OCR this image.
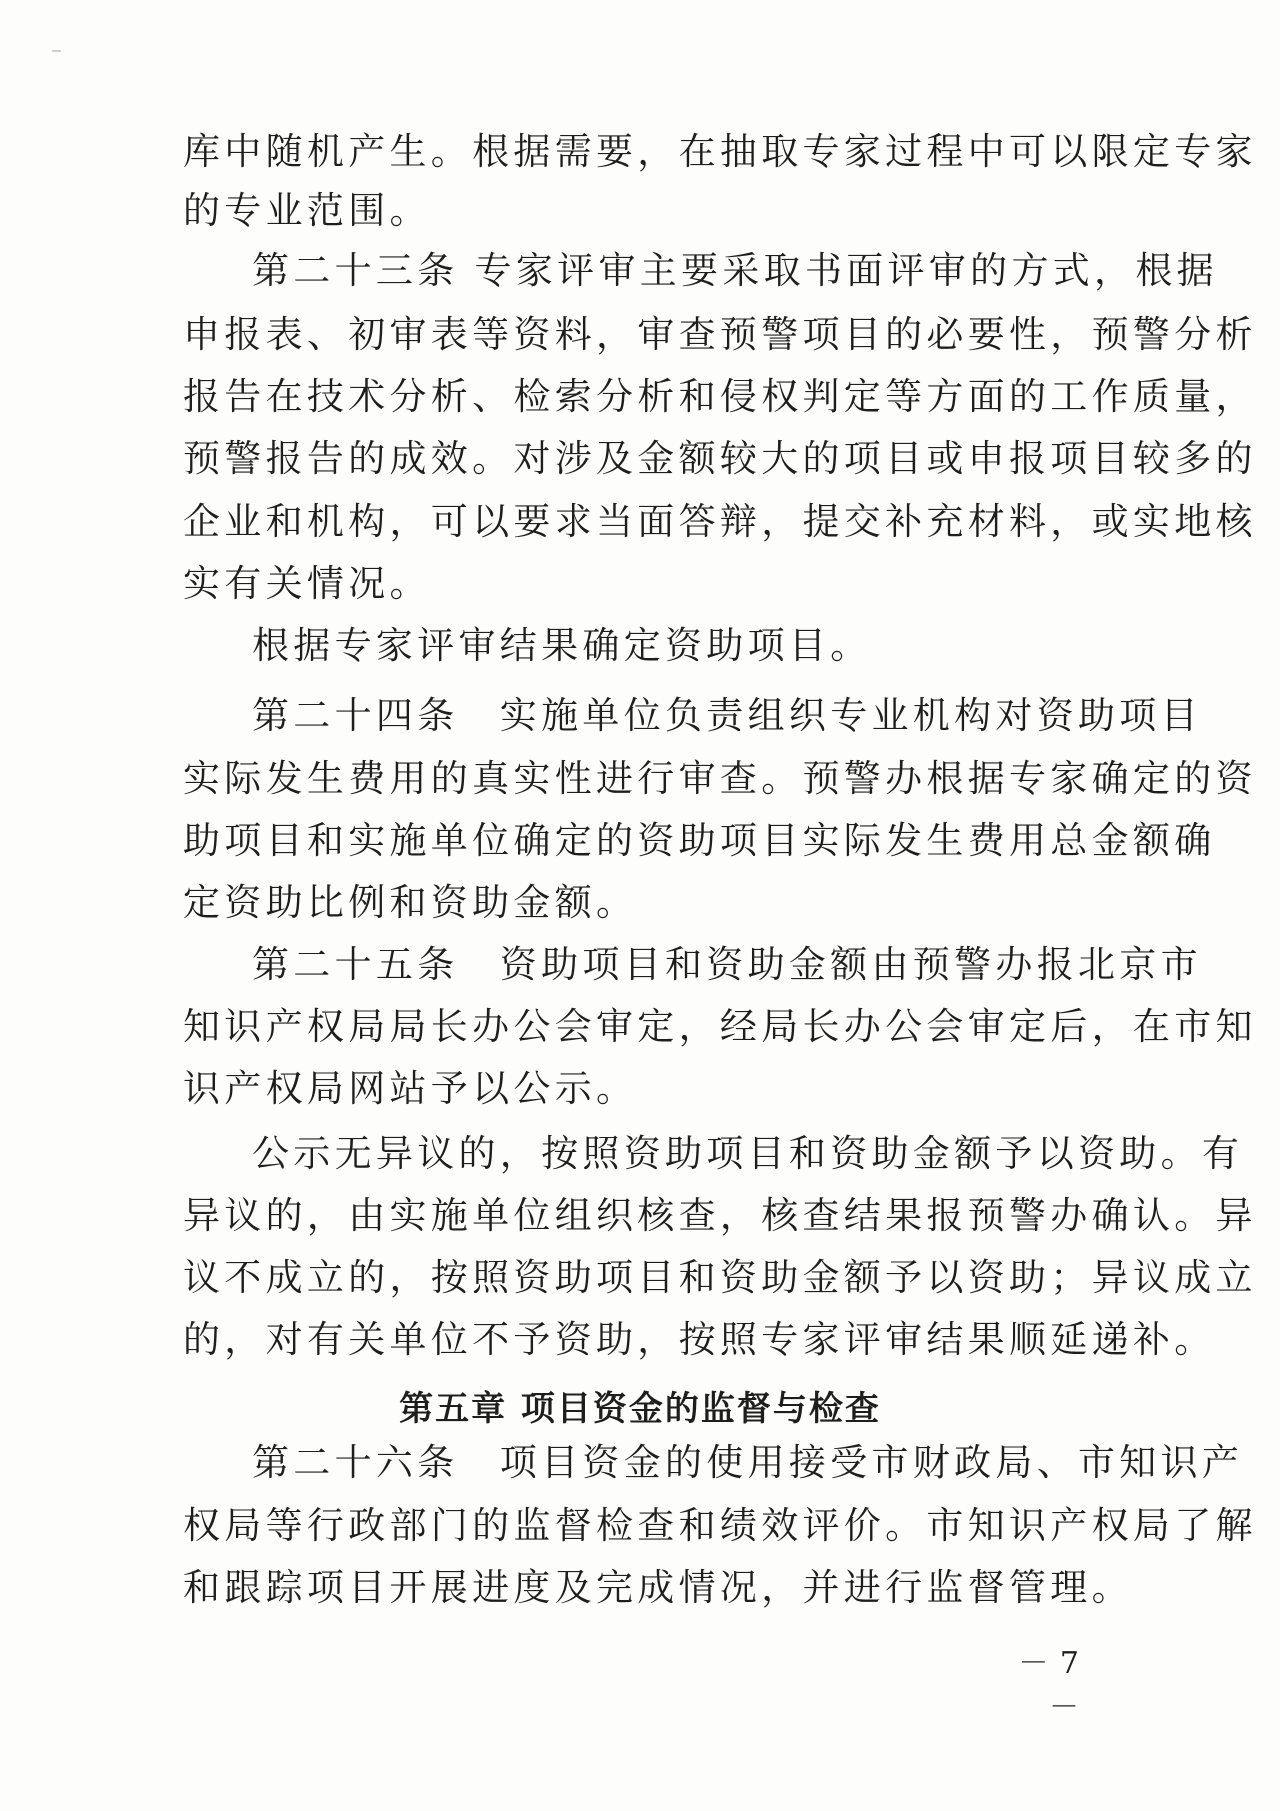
库中随机产生。根据需要，在抽取专家过程中可以限定专家
的专业范围。
第二十三条 专家评审主要采取书面评审的方式，根据
申报表、初审表等资料，审查预警项目的必要性，预警分析
报告在技术分析、检索分析和侵权判定等方面的工作质量，
预警报告的成效。对涉及金额较大的项目或申报项目较多的
企业和机构，可以要求当面答辩，提交补充材料，或实地核
实有关情况。
根据专家评审结果确定资助项目。
第二十四条　实施单位负责组织专业机构对资助项目
实际发生费用的真实性进行审查。预警办根据专家确定的资
助项目和实施单位确定的资助项目实际发生费用总金额确
定资助比例和资助金额。
第二十五条　资助项目和资助金额由预警办报北京市
知识产权局局长办公会审定，经局长办公会审定后，在市知
识产权局网站予以公示。
公示无异议的，按照资助项目和资助金额予以资助。有
异议的，由实施单位组织核查，核查结果报预警办确认。异
议不成立的，按照资助项目和资助金额予以资助；异议成立
的，对有关单位不予资助，按照专家评审结果顺延递补。
第五章 项目资金的监督与检查
第二十六条　项目资金的使用接受市财政局、市知识产
权局等行政部门的监督检查和绩效评价。市知识产权局了解
和跟踪项目开展进度及完成情况，并进行监督管理。
－ 7 －
